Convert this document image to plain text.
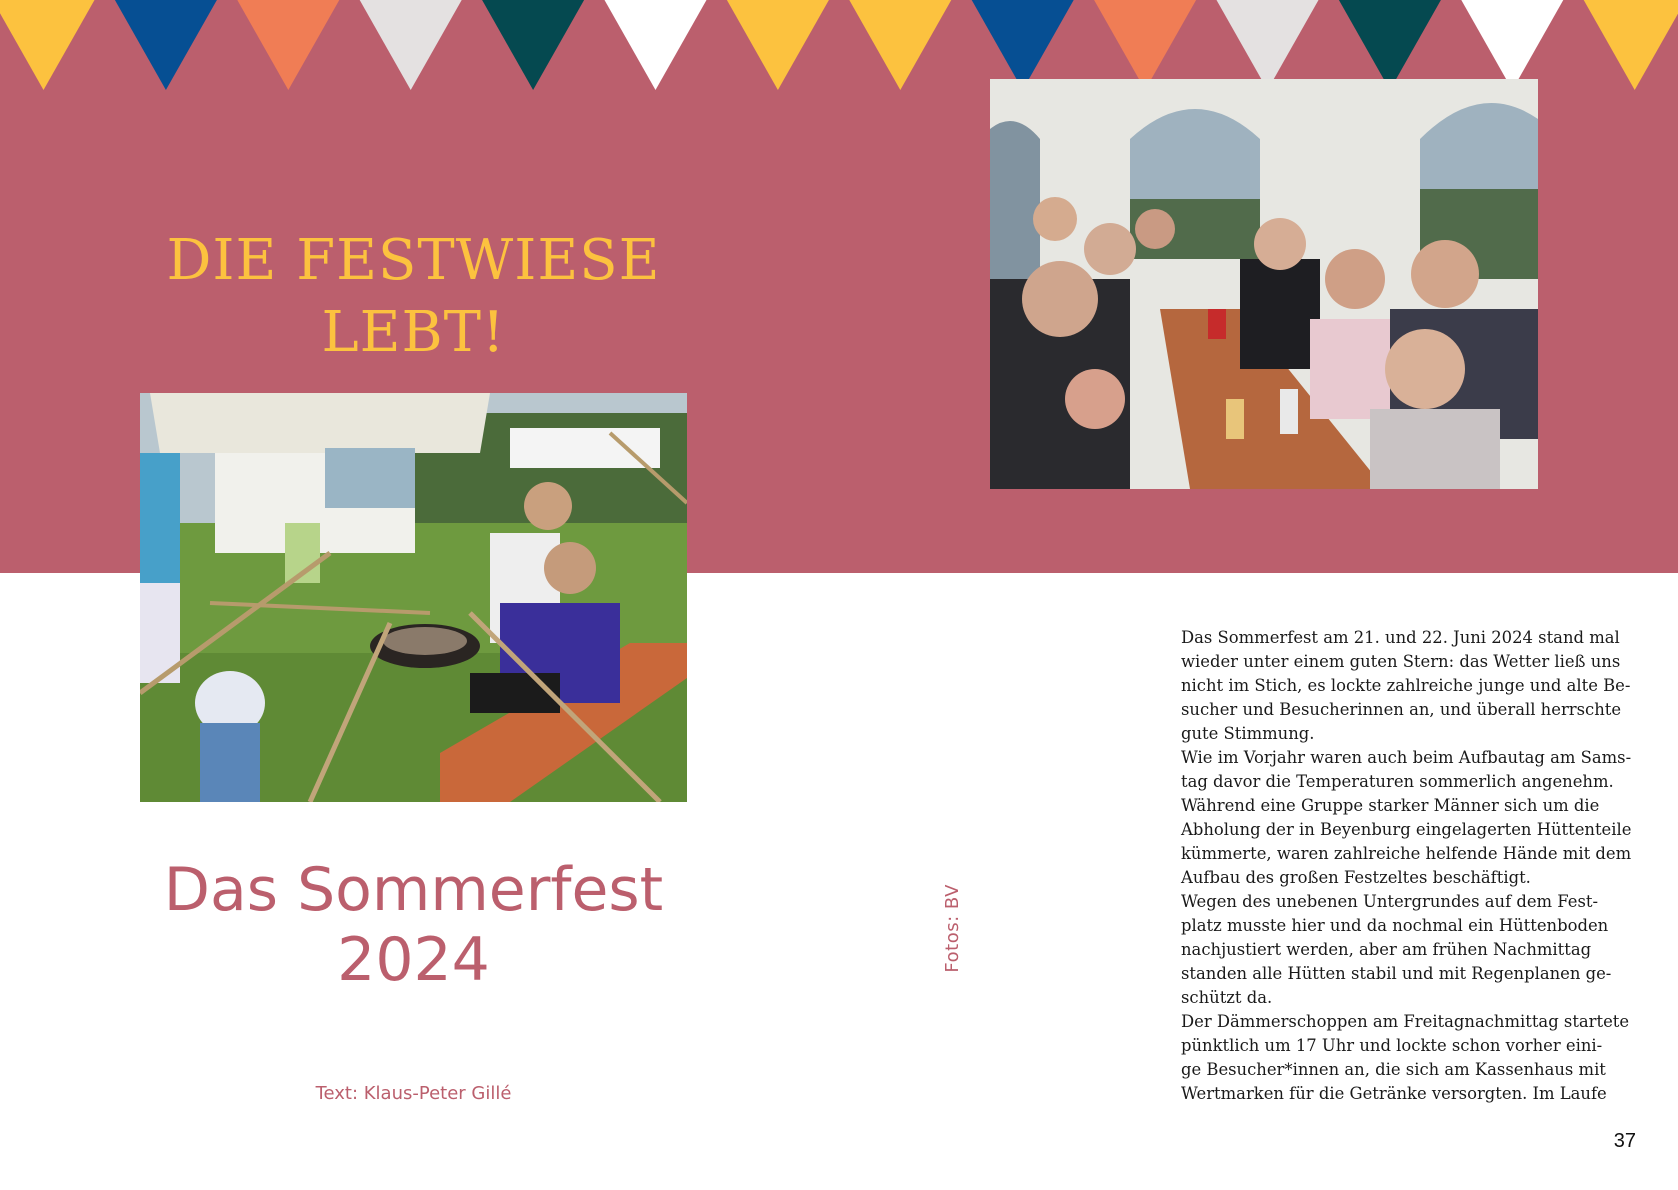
DIE FESTWIESE
LEBT!
Das Sommerfest
2024
Text: Klaus-Peter Gillé
Fotos: BV
Das Sommerfest am 21. und 22. Juni 2024 stand mal
wieder unter einem guten Stern: das Wetter ließ uns
nicht im Stich, es lockte zahlreiche junge und alte Be-
sucher und Besucherinnen an, und überall herrschte
gute Stimmung.
Wie im Vorjahr waren auch beim Aufbautag am Sams-
tag davor die Temperaturen sommerlich angenehm.
Während eine Gruppe starker Männer sich um die
Abholung der in Beyenburg eingelagerten Hüttenteile
kümmerte, waren zahlreiche helfende Hände mit dem
Aufbau des großen Festzeltes beschäftigt.
Wegen des unebenen Untergrundes auf dem Fest-
platz musste hier und da nochmal ein Hüttenboden
nachjustiert werden, aber am frühen Nachmittag
standen alle Hütten stabil und mit Regenplanen ge-
schützt da.
Der Dämmerschoppen am Freitagnachmittag startete
pünktlich um 17 Uhr und lockte schon vorher eini-
ge Besucher*innen an, die sich am Kassenhaus mit
Wertmarken für die Getränke versorgten. Im Laufe
37
